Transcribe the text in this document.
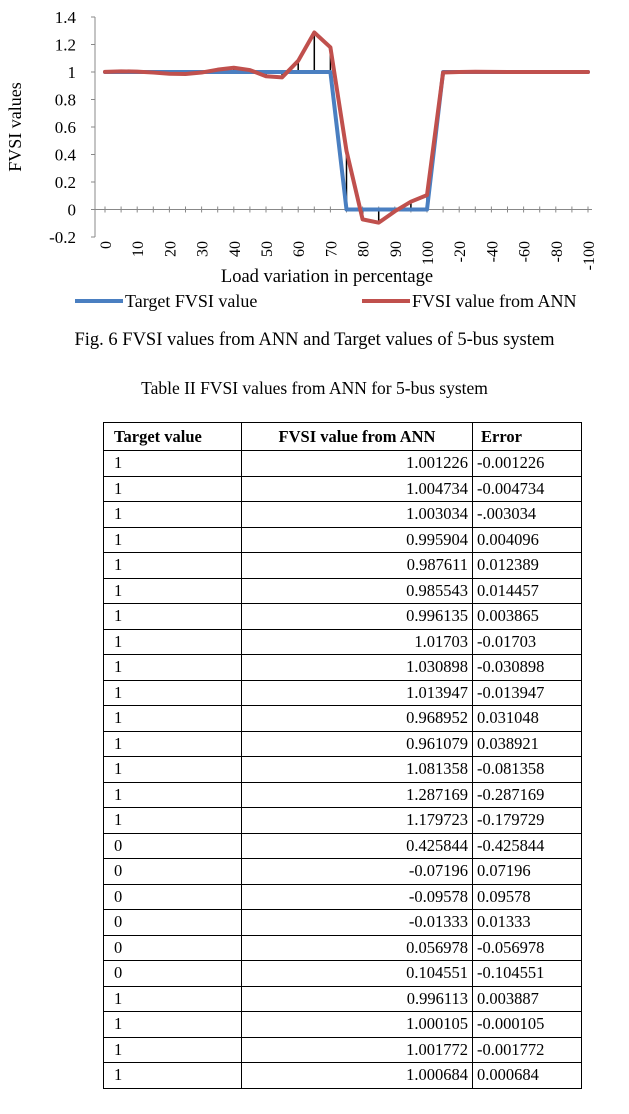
FVSI values
1.4
1.2
1
0.8
0.6
0.4
0.2
0
-0.2 0 10 20 30 40 50 60 70 80 90 100 -20 -40 -60 -80 -100
Load variation in percentage
Target FVSI value	FVSI value from ANN
Fig. 6 FVSI values from ANN and Target values of 5-bus system
Table II FVSI values from ANN for 5-bus system
Target value	FVSI value from ANN	Error
1	1.001226	-0.001226
1	1.004734	-0.004734
1	1.003034	-.003034
1	0.995904	0.004096
1	0.987611	0.012389
1	0.985543	0.014457
1	0.996135	0.003865
1	1.01703	-0.01703
1	1.030898	-0.030898
1	1.013947	-0.013947
1	0.968952	0.031048
1	0.961079	0.038921
1	1.081358	-0.081358
1	1.287169	-0.287169
1	1.179723	-0.179729
0	0.425844	-0.425844
0	-0.07196	0.07196
0	-0.09578	0.09578
0	-0.01333	0.01333
0	0.056978	-0.056978
0	0.104551	-0.104551
1	0.996113	0.003887
1	1.000105	-0.000105
1	1.001772	-0.001772
1	1.000684	0.000684
